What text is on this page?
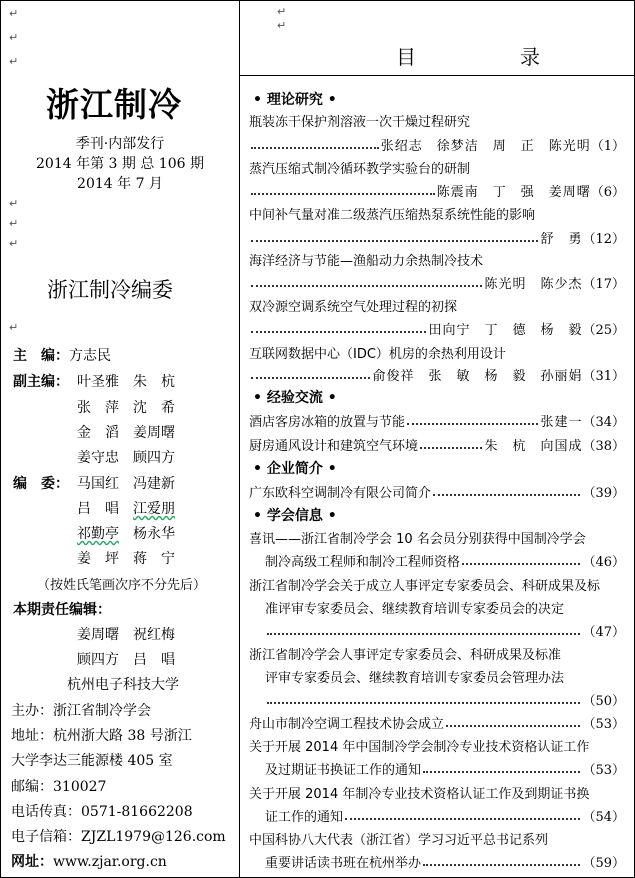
↵
↵
↵
↵
↵
↵
↵
↵
↵
浙江制冷
季刊·内部发行
2014 年第 3 期 总 106 期
2014 年 7 月
浙江制冷编委
主　编：方志民
副主编： 叶圣雅　 朱　杭
张　萍　 沈　希
金　滔　 姜周曙
姜守忠　 顾四方
编　委： 马国红　 冯建新
吕　唱　 江爱朋
祁勤亭　 杨永华
姜　坪　 蒋　宁
（按姓氏笔画次序不分先后）
本期责任编辑：
姜周曙　 祝红梅
顾四方　 吕　唱
杭州电子科技大学
主办：浙江省制冷学会
地址：杭州浙大路 38 号浙江
大学李达三能源楼 405 室
邮编：310027
电话传真：0571-81662208
电子信箱：ZJZL1979@126.com
网址：www.zjar.org.cn
目　录
• 理论研究 •
瓶装冻干保护剂溶液一次干燥过程研究
张绍志　徐梦洁　周　正　陈光明 （1）
蒸汽压缩式制冷循环教学实验台的研制
陈震南　丁　强　姜周曙 （6）
中间补气量对准二级蒸汽压缩热泵系统性能的影响
舒　勇 （12）
海洋经济与节能—渔船动力余热制冷技术
陈光明　陈少杰 （17）
双冷源空调系统空气处理过程的初探
田向宁　丁　德　杨　毅 （25）
互联网数据中心（IDC）机房的余热利用设计
俞俊祥　张　敏　杨　毅　孙丽娟 （31）
• 经验交流 •
酒店客房冰箱的放置与节能	张建一 （34）
厨房通风设计和建筑空气环境	朱　杭　向国成 （38）
• 企业简介 •
广东欧科空调制冷有限公司简介	（39）
• 学会信息 •
喜讯——浙江省制冷学会 10 名会员分别获得中国制冷学会
制冷高级工程师和制冷工程师资格	（46）
浙江省制冷学会关于成立人事评定专家委员会、科研成果及标
准评审专家委员会、继续教育培训专家委员会的决定
（47）
浙江省制冷学会人事评定专家委员会、科研成果及标准
评审专家委员会、继续教育培训专家委员会管理办法
（50）
舟山市制冷空调工程技术协会成立	（53）
关于开展 2014 年中国制冷学会制冷专业技术资格认证工作
及过期证书换证工作的通知	（53）
关于开展 2014 年制冷专业技术资格认证工作及到期证书换
证工作的通知	（54）
中国科协八大代表（浙江省）学习习近平总书记系列
重要讲话读书班在杭州举办	（59）
